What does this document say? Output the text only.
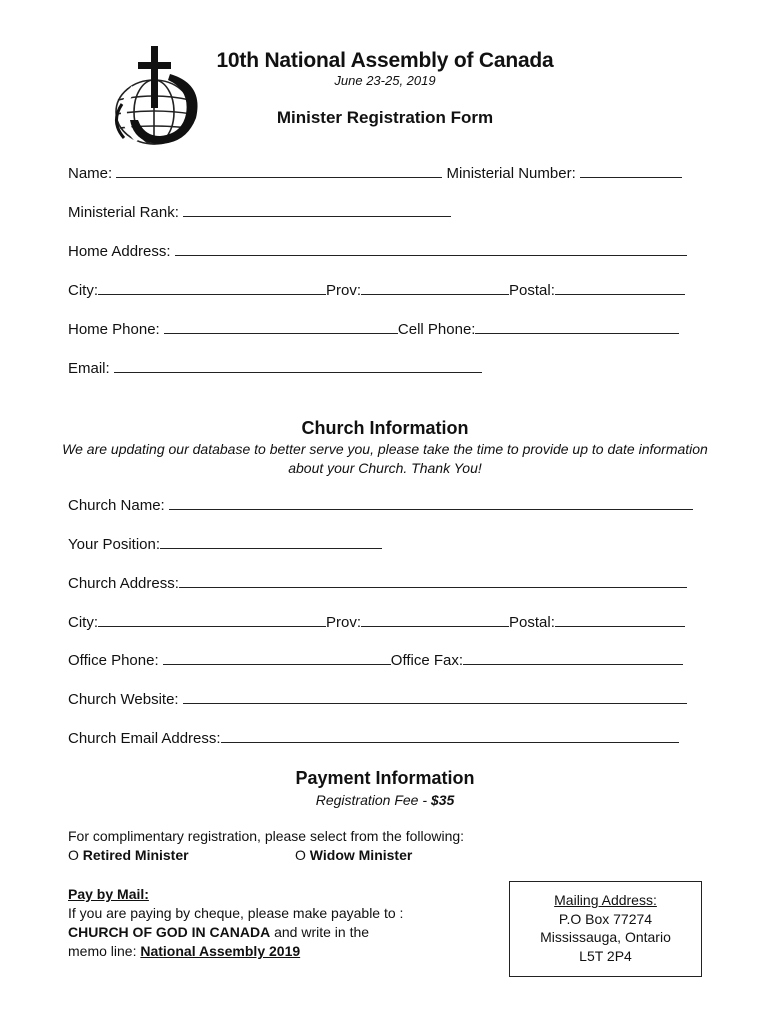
10th National Assembly of Canada
June 23-25, 2019
Minister Registration Form
Name:	Ministerial Number:
Ministerial Rank:
Home Address:
City:	Prov:	Postal:
Home Phone:	Cell Phone:
Email:
Church Information
We are updating our database to better serve you, please take the time to provide up to date information about your Church. Thank You!
Church Name:
Your Position:
Church Address:
City:	Prov:	Postal:
Office Phone:	Office Fax:
Church Website:
Church Email Address:
Payment Information
Registration Fee - $35
For complimentary registration, please select from the following:
O Retired Minister	O Widow Minister
Pay by Mail:
If you are paying by cheque, please make payable to :
CHURCH OF GOD IN CANADA and write in the
memo line: National Assembly 2019
Mailing Address:
P.O Box 77274
Mississauga, Ontario
L5T 2P4
